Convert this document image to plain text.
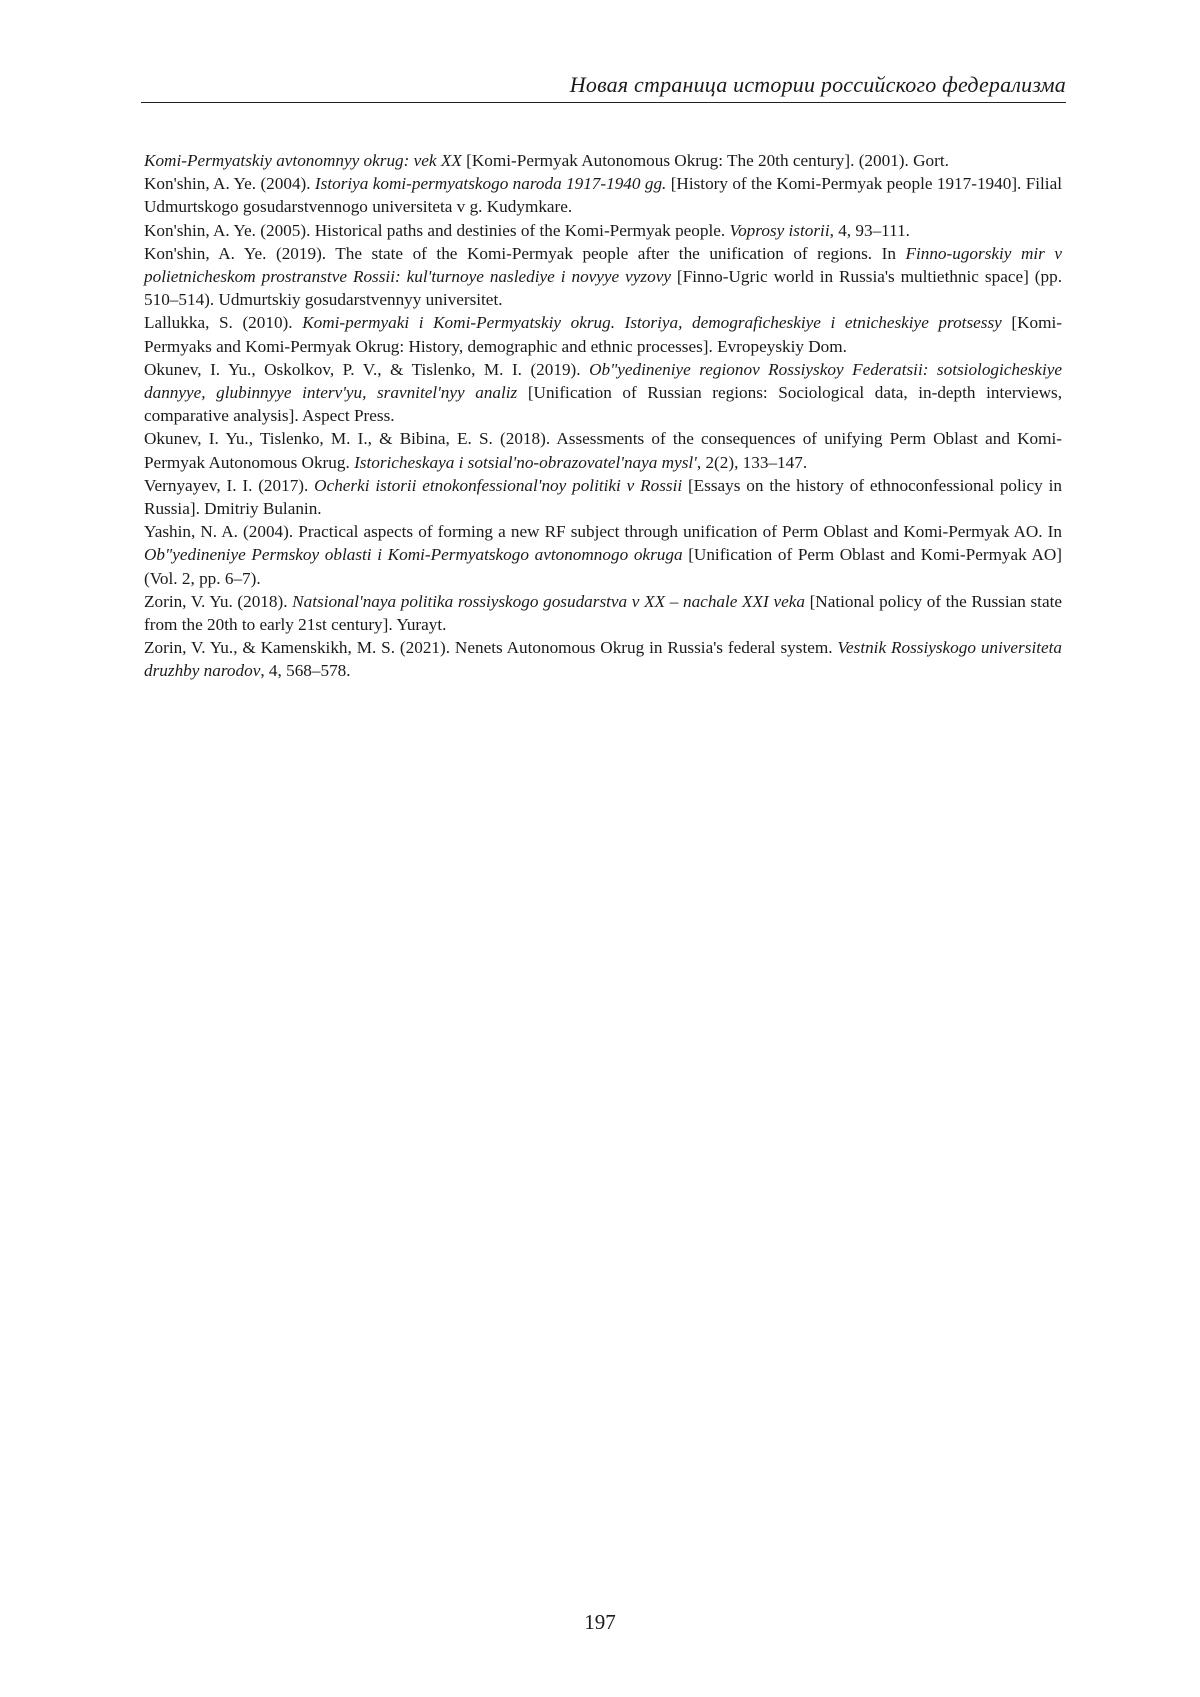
Новая страница истории российского федерализма

Komi-Permyatskiy avtonomnyy okrug: vek XX [Komi-Permyak Autonomous Okrug: The 20th century]. (2001). Gort.

Kon'shin, A. Ye. (2004). Istoriya komi-permyatskogo naroda 1917-1940 gg. [History of the Komi-Permyak people 1917-1940]. Filial Udmurtskogo gosudarstvennogo universiteta v g. Kudymkare.

Kon'shin, A. Ye. (2005). Historical paths and destinies of the Komi-Permyak people. Voprosy istorii, 4, 93–111.

Kon'shin, A. Ye. (2019). The state of the Komi-Permyak people after the unification of regions. In Finno-ugorskiy mir v polietnicheskom prostranstve Rossii: kul'turnoye naslediye i novyye vyzovy [Finno-Ugric world in Russia's multiethnic space] (pp. 510–514). Udmurtskiy gosudarstvennyy universitet.

Lallukka, S. (2010). Komi-permyaki i Komi-Permyatskiy okrug. Istoriya, demograficheskiye i etnicheskiye protsessy [Komi-Permyaks and Komi-Permyak Okrug: History, demographic and ethnic processes]. Evropeyskiy Dom.

Okunev, I. Yu., Oskolkov, P. V., & Tislenko, M. I. (2019). Ob"yedineniye regionov Rossiyskoy Federatsii: sotsiologicheskiye dannyye, glubinnyye interv'yu, sravnitel'nyy analiz [Unification of Russian regions: Sociological data, in-depth interviews, comparative analysis]. Aspect Press.

Okunev, I. Yu., Tislenko, M. I., & Bibina, E. S. (2018). Assessments of the consequences of unifying Perm Oblast and Komi-Permyak Autonomous Okrug. Istoricheskaya i sotsial'no-obrazovatel'naya mysl', 2(2), 133–147.

Vernyayev, I. I. (2017). Ocherki istorii etnokonfessional'noy politiki v Rossii [Essays on the history of ethnoconfessional policy in Russia]. Dmitriy Bulanin.

Yashin, N. A. (2004). Practical aspects of forming a new RF subject through unification of Perm Oblast and Komi-Permyak AO. In Ob"yedineniye Permskoy oblasti i Komi-Permyatskogo avtonomnogo okruga [Unification of Perm Oblast and Komi-Permyak AO] (Vol. 2, pp. 6–7).

Zorin, V. Yu. (2018). Natsional'naya politika rossiyskogo gosudarstva v XX – nachale XXI veka [National policy of the Russian state from the 20th to early 21st century]. Yurayt.

Zorin, V. Yu., & Kamenskikh, M. S. (2021). Nenets Autonomous Okrug in Russia's federal system. Vestnik Rossiyskogo universiteta druzhby narodov, 4, 568–578.

197
